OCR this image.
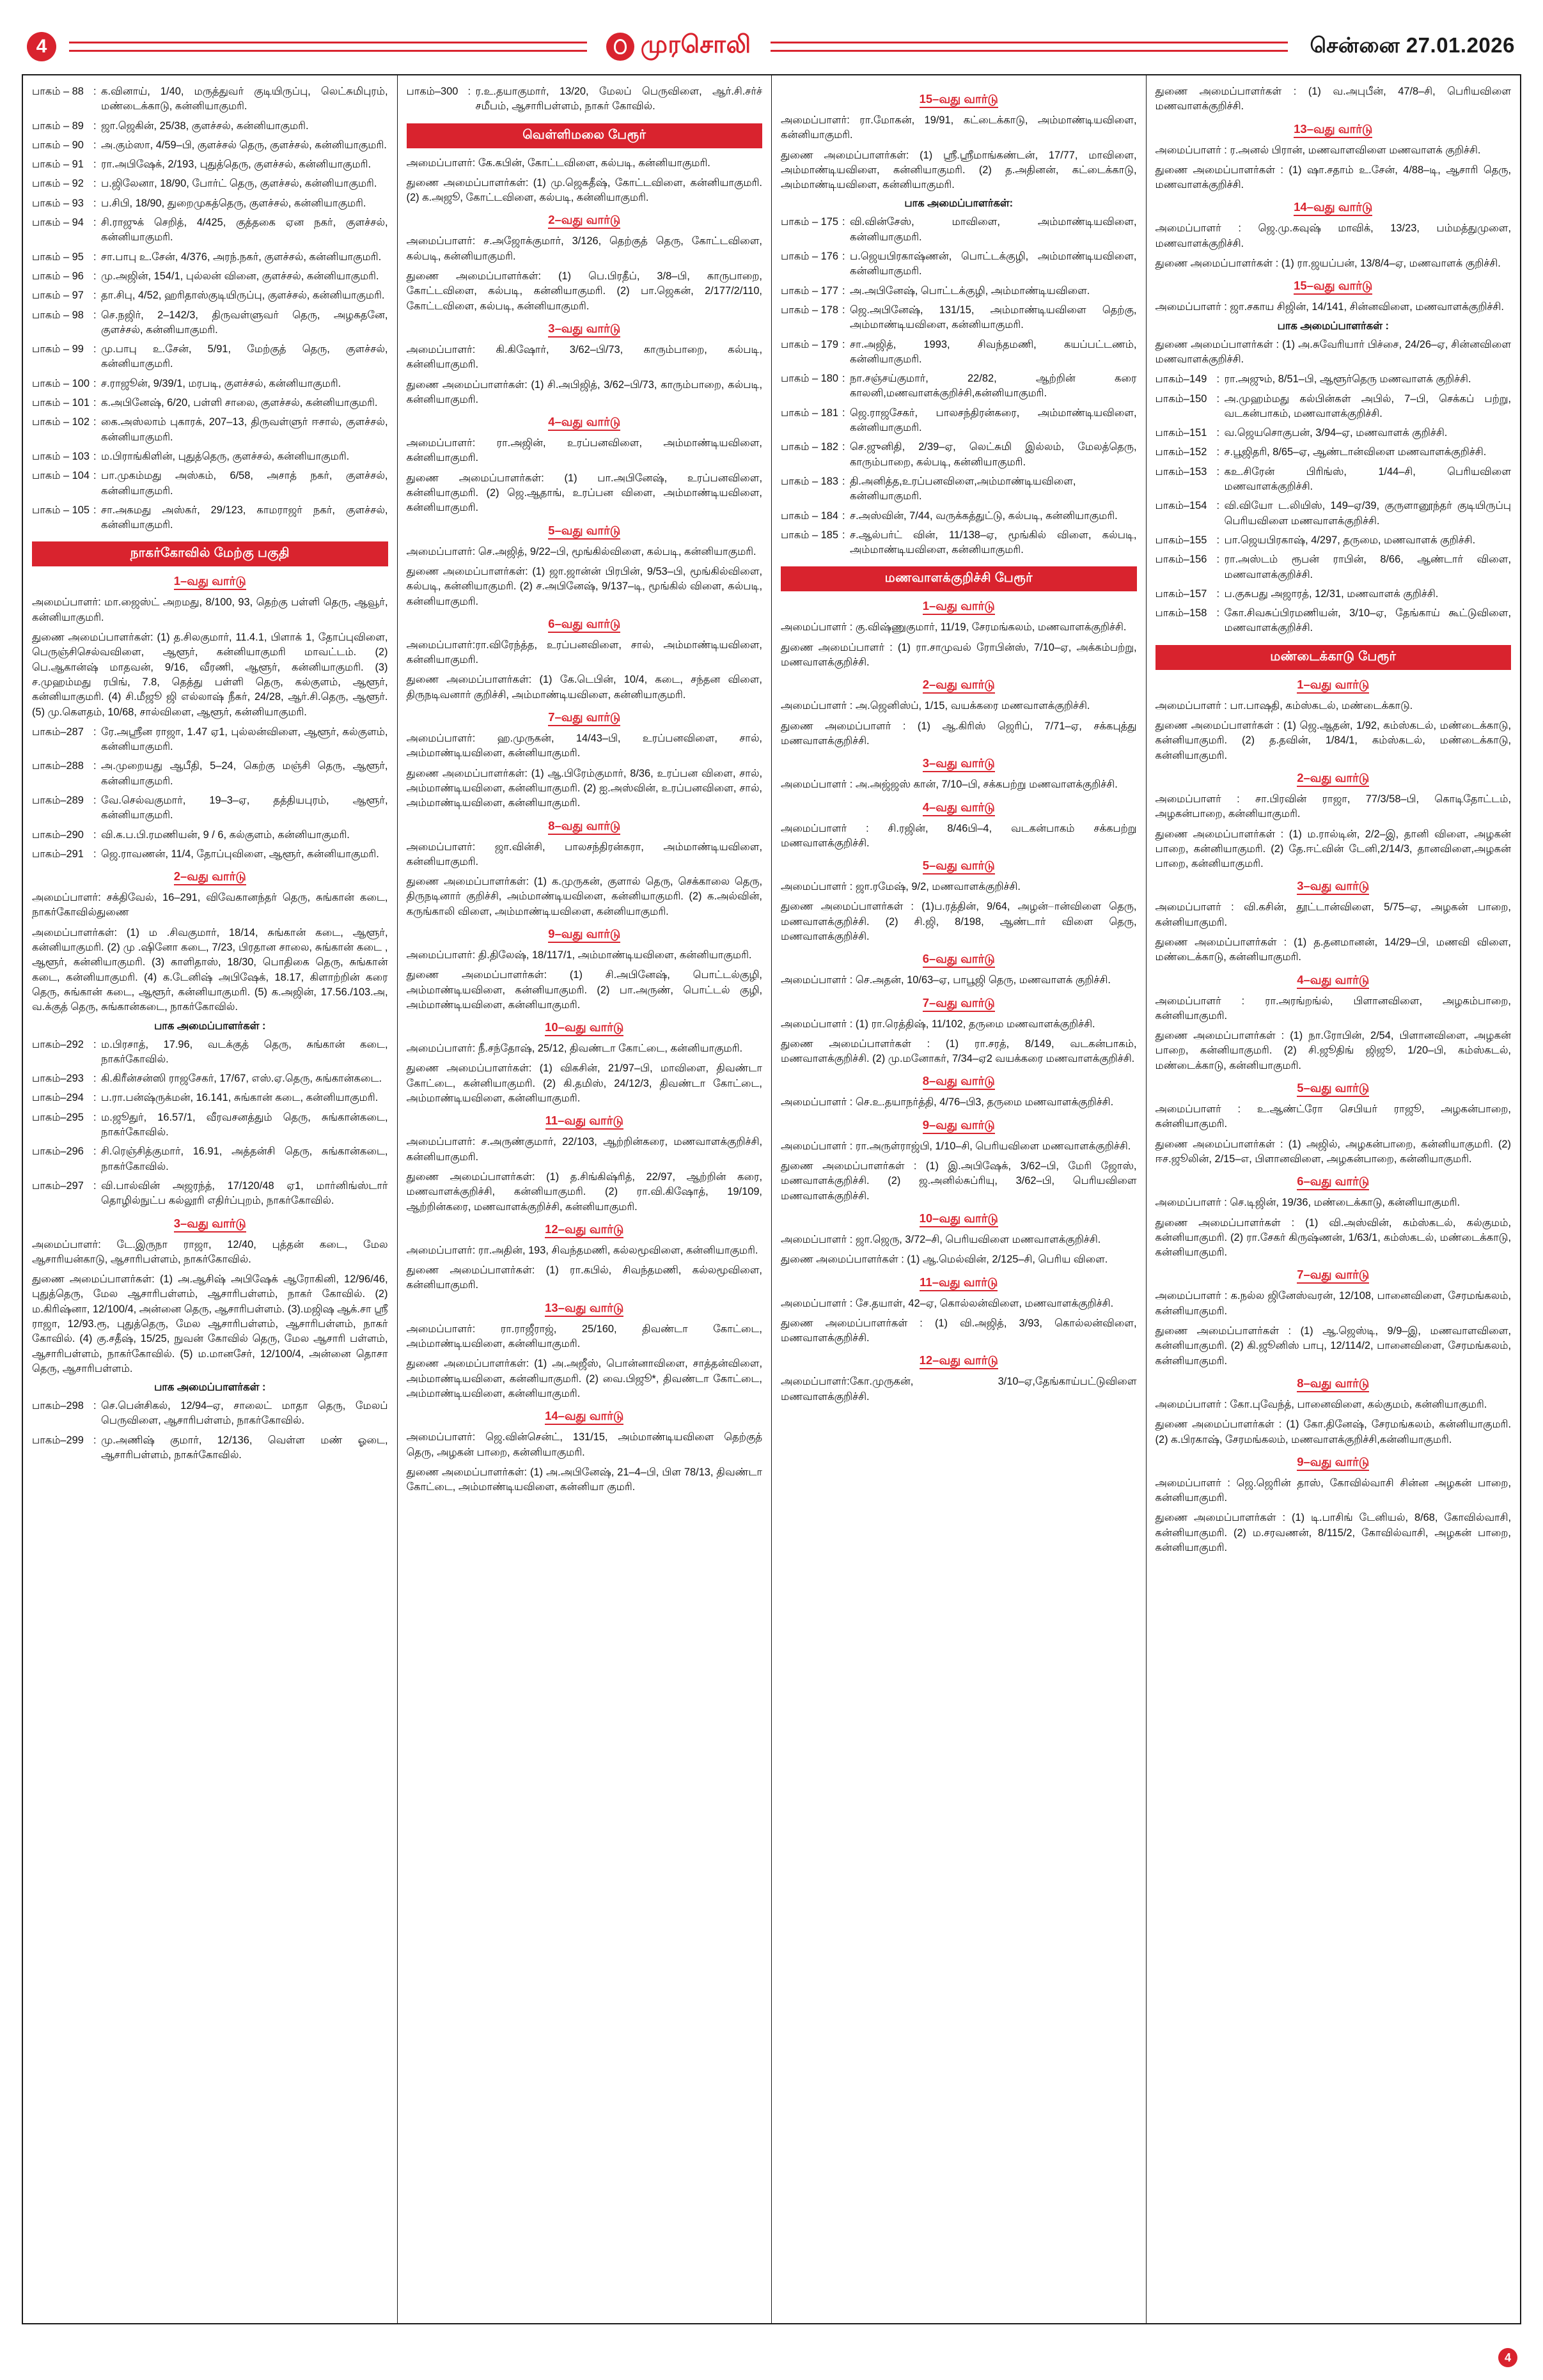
4	முரசொலி	சென்னை 27.01.2026
பாகம் – 88 : க.வினாய், 1/40, மருத்துவர் குடியிருப்பு, லெட்சுமிபுரம், மண்டைக்காடு, கன்னியாகுமரி.
பாகம் – 89 : ஜா.ஜெகின், 25/38, குளச்சல், கன்னியாகுமரி.
பாகம் – 90 : அ.கும்ஸா, 4/59–பி, குளச்சல் தெரு, குளச்சல், கன்னியாகுமரி.
பாகம் – 91 : ரா.அபிஷேக், 2/193, புதுத்தெரு, குளச்சல், கன்னியாகுமரி.
பாகம் – 92 : ப.ஜிலேனா, 18/90, போர்ட் தெரு, குளச்சல், கன்னியாகுமரி.
பாகம் – 93 : ப.சிபி, 18/90, துறைமுகத்தெரு, குளச்சல், கன்னியாகுமரி.
பாகம் – 94 : சி.ராஜுக் செறித், 4/425, குத்தகை ஏன நகர், குளச்சல், கன்னியாகுமரி.
பாகம் – 95 : சா.பாபு உ.சேன், 4/376, அரந்.நகர், குளச்சல், கன்னியாகுமரி.
பாகம் – 96 : மு.அஜின், 154/1, புல்லன் வினை, குளச்சல், கன்னியாகுமரி.
பாகம் – 97 : தா.சிபு, 4/52, ஹரிதாஸ்குடியிருப்பு, குளச்சல், கன்னியாகுமரி.
பாகம் – 98 : செ.நஜிர், 2–142/3, திருவள்ளுவர் தெரு, அழகதனே, குளச்சல், கன்னியாகுமரி.
பாகம் – 99 : மு.பாபு உ.சேன், 5/91, மேற்குத் தெரு, குளச்சல், கன்னியாகுமரி.
பாகம் – 100 : ச.ராஜூன், 9/39/1, மரபடி, குளச்சல், கன்னியாகுமரி.
பாகம் – 101 : க.அபினேஷ், 6/20, பள்ளி சாலை, குளச்சல், கன்னியாகுமரி.
பாகம் – 102 : கை.அஸ்லாம் புகாரக், 207–13, திருவள்ளுர் ஈசால், குளச்சல், கன்னியாகுமரி.
பாகம் – 103 : ம.பிராங்கிளின், புதுத்தெரு, குளச்சல், கன்னியாகுமரி.
பாகம் – 104 : பா.முகம்மது அஸ்கம், 6/58, அசாத் நகர், குளச்சல், கன்னியாகுமரி.
பாகம் – 105 : சா.அகமது அஸ்கர், 29/123, காமராஜர் நகர், குளச்சல், கன்னியாகுமரி.
நாகர்கோவில் மேற்கு பகுதி
1–வது வார்டு
அமைப்பாளர்: மா.ஜைஸ்ட் அறமது, 8/100, 93, தெற்கு பள்ளி தெரு, ஆவூர், கன்னியாகுமரி.
துணை அமைப்பாளர்கள்: (1) த.சிலகுமார், 11.4.1, பிளாக் 1, தோப்புவிளை, பெருஞ்சிசெல்வவிளை, ஆளூர், கன்னியாகுமரி மாவட்டம். (2) பெ.ஆகான்ஷ் மாதவன், 9/16, வீரணி, ஆளூர், கன்னியாகுமரி. (3) ச.முஹம்மது ரபிங், 7.8, தெத்து பள்ளி தெரு, கல்குளம், ஆளூர், கன்னியாகுமரி. (4) சி.மீஜூ ஜி எல்லாஷ் நீகர், 24/28, ஆர்.சி.தெரு, ஆளூர். (5) மு.கௌதம், 10/68, சால்விளை, ஆளூர், கன்னியாகுமரி.
பாகம்–287 : ரே.அஸ்ரீன ராஜா, 1.47 ஏ1, புல்லன்விளை, ஆளூர், கல்குளம், கன்னியாகுமரி.
பாகம்–288 : அ.முறையது ஆபீதி, 5–24, கெற்கு மஞ்சி தெரு, ஆளூர், கன்னியாகுமரி.
பாகம்–289 : வே.செல்வகுமார், 19–3–ஏ, தத்தியபுரம், ஆளூர், கன்னியாகுமரி.
பாகம்–290 : வி.க.ப.பி.ரமணியன், 9 / 6, கல்குளம், கன்னியாகுமரி.
பாகம்–291 : ஜெ.ராவணன், 11/4, தோப்புவிளை, ஆளூர், கன்னியாகுமரி.
2–வது வார்டு
அமைப்பாளர்: சக்திவேல், 16–291, விவேகானந்தர் தெரு, சுங்கான் கடை, நாகர்கோவில்துணை
அமைப்பாளர்கள்: (1) ம .சிவகுமார், 18/14, சுங்கான் கடை, ஆளூர், கன்னியாகுமரி. (2) மு .ஷினோ கடை, 7/23, பிரதான சாலை, சுங்கான் கடை , ஆளூர், கன்னியாகுமரி. (3) காளிதாஸ், 18/30, பொதிகை தெரு, சுங்கான் கடை, கன்னியாகுமரி. (4) க.டேனிஷ் அபிஷேக், 18.17, கிளாற்றின் கரை தெரு, சுங்கான் கடை, ஆளூர், கன்னியாகுமரி. (5) க.அஜின், 17.56./103.அ, வ.க்குத் தெரு, சுங்கான்கடை, நாகர்கோவில்.
பாக அமைப்பாளர்கள் :
பாகம்–292 : ம.பிரசாத், 17.96, வடக்குத் தெரு, சுங்கான் கடை, நாகர்கோவில்.
பாகம்–293 : கி.கிரீன்சன்ஸி ராஜசேகர், 17/67, எஸ்.ஏ.தெரு, சுங்கான்கடை.
பாகம்–294 : ப.ரா.பன்ஷ்ருக்மன், 16.141, சுங்கான் கடை, கன்னியாகுமரி.
பாகம்–295 : ம.ஜூதுர், 16.57/1, வீரவசனத்தும் தெரு, சுங்கான்கடை, நாகர்கோவில்.
பாகம்–296 : சி.ரெஞ்சித்குமார், 16.91, அத்தன்சி தெரு, சுங்கான்கடை, நாகர்கோவில்.
பாகம்–297 : வி.பால்வின் அஜரந்த், 17/120/48 ஏ1, மார்னிங்ஸ்டார் தொழில்நுட்ப கல்லூரி எதிர்ப்புறம், நாகர்கோவில்.
3–வது வார்டு
அமைப்பாளர்: டே.இருநா ராஜா, 12/40, புத்தன் கடை, மேல ஆசாரியன்காடு, ஆசாரிபள்ளம், நாகர்கோவில்.
துணை அமைப்பாளர்கள்: (1) அ.ஆசிஷ் அபிஷேக் ஆரோகினி, 12/96/46, புதுத்தெரு, மேல ஆசாரிபள்ளம், ஆசாரிபள்ளம், நாகர் கோவில். (2) ம.கிரிஷ்னா, 12/100/4, அன்னை தெரு, ஆசாரிபள்ளம். (3).மஜிஷ ஆக்.சா ஸ்ரீ ராஜா, 12/93.ரூ, புதுத்தெரு, மேல ஆசாரிபள்ளம், ஆசாரிபள்ளம், நாகர் கோவில். (4) கு.சதீஷ், 15/25, நுவன் கோவில் தெரு, மேல ஆசாரி பள்ளம், ஆசாரிபள்ளம், நாகர்கோவில். (5) ம.மானசேர், 12/100/4, அன்னை தொசா தெரு, ஆசாரிபள்ளம்.
பாக அமைப்பாளர்கள் :
பாகம்–298 : செ.பென்சிகல், 12/94–ஏ, சாலைட் மாதா தெரு, மேலப் பெருவிளை, ஆசாரிபள்ளம், நாகர்கோவில்.
பாகம்–299 : மு.அணிஷ் குமார், 12/136, வெள்ள மண் ஓடை, ஆசாரிபள்ளம், நாகர்கோவில்.
பாகம்–300 : ர.உ.தயாகுமார், 13/20, மேலப் பெருவிளை, ஆர்.சி.சர்ச் சமீபம், ஆசாரிபள்ளம், நாகர் கோவில்.
வெள்ளிமலை பேரூர்
அமைப்பாளர்: கே.கபின், கோட்டவிளை, கல்படி, கன்னியாகுமரி.
துணை அமைப்பாளர்கள்: (1) மு.ஜெகதீஷ், கோட்டவிளை, கன்னியாகுமரி. (2) க.அஜூ, கோட்டவிளை, கல்படி, கன்னியாகுமரி.
2–வது வார்டு
அமைப்பாளர்: ச.அஜோக்குமார், 3/126, தெற்குத் தெரு, கோட்டவிளை, கல்படி, கன்னியாகுமரி.
துணை அமைப்பாளர்கள்: (1) பெ.பிரதீப், 3/8–பி, காருபாறை, கோட்டவிளை, கல்படி, கன்னியாகுமரி. (2) பா.ஜெகன், 2/177/2/110, கோட்டவிளை, கல்படி, கன்னியாகுமரி.
3–வது வார்டு
அமைப்பாளர்: கி.கிஷோர், 3/62–பி/73, காரும்பாறை, கல்படி, கன்னியாகுமரி.
துணை அமைப்பாளர்கள்: (1) சி.அபிஜித், 3/62–பி/73, காரும்பாறை, கல்படி, கன்னியாகுமரி.
4–வது வார்டு
அமைப்பாளர்: ரா.அஜின், உரப்பனவிளை, அம்மாண்டியவிளை, கன்னியாகுமரி.
துணை அமைப்பாளர்கள்: (1) பா.அபினேஷ், உரப்பனவிளை, கன்னியாகுமரி. (2) ஜெ.ஆதாங், உரப்பன விளை, அம்மாண்டியவிளை, கன்னியாகுமரி.
5–வது வார்டு
அமைப்பாளர்: செ.அஜித், 9/22–பி, மூங்கில்விளை, கல்படி, கன்னியாகுமரி.
துணை அமைப்பாளர்கள்: (1) ஜா.ஜான்ன் பிரபின், 9/53–பி, மூங்கில்விளை, கல்படி, கன்னியாகுமரி. (2) ச.அபினேஷ், 9/137–டி, மூங்கில் விளை, கல்படி, கன்னியாகுமரி.
6–வது வார்டு
அமைப்பாளர்:ரா.விரேந்த்த, உரப்பனவிளை, சால், அம்மாண்டியவிளை, கன்னியாகுமரி.
துணை அமைப்பாளர்கள்: (1) கே.டெபின், 10/4, கடை, சந்தன விளை, திருநடிவனார் குறிச்சி, அம்மாண்டியவிளை, கன்னியாகுமரி.
7–வது வார்டு
அமைப்பாளர்: ஹ.முருகன், 14/43–பி, உரப்பனவிளை, சால், அம்மாண்டியவிளை, கன்னியாகுமரி.
துணை அமைப்பாளர்கள்: (1) ஆ.பிரேம்குமார், 8/36, உரப்பன விளை, சால், அம்மாண்டியவிளை, கன்னியாகுமரி. (2) ஐ.அஸ்வின், உரப்பனவிளை, சால், அம்மாண்டியவிளை, கன்னியாகுமரி.
8–வது வார்டு
அமைப்பாளர்: ஜா.வின்சி, பாலசந்திரன்கரா, அம்மாண்டியவிளை, கன்னியாகுமரி.
துணை அமைப்பாளர்கள்: (1) க.முருகன், குளால் தெரு, செக்காலை தெரு, திருநடினார் குறிச்சி, அம்மாண்டியவிளை, கன்னியாகுமரி. (2) க.அல்வின், கருங்காலி விளை, அம்மாண்டியவிளை, கன்னியாகுமரி.
9–வது வார்டு
அமைப்பாளர்: தி.திலேஷ், 18/117/1, அம்மாண்டியவிளை, கன்னியாகுமரி.
துணை அமைப்பாளர்கள்: (1) சி.அபினேஷ், பொட்டல்குழி, அம்மாண்டியவிளை, கன்னியாகுமரி. (2) பா.அருண், பொட்டல் குழி, அம்மாண்டியவிளை, கன்னியாகுமரி.
10–வது வார்டு
அமைப்பாளர்: நீ.சந்தோஷ், 25/12, திவண்டா கோட்டை, கன்னியாகுமரி.
துணை அமைப்பாளர்கள்: (1) விகசின், 21/97–பி, மாவிளை, திவண்டா கோட்டை, கன்னியாகுமரி. (2) கி.தமிஸ், 24/12/3, திவண்டா கோட்டை, அம்மாண்டியவிளை, கன்னியாகுமரி.
11–வது வார்டு
அமைப்பாளர்: ச.அருண்குமார், 22/103, ஆற்றின்கரை, மணவாளக்குறிச்சி, கன்னியாகுமரி.
துணை அமைப்பாளர்கள்: (1) த.சிங்கிஷ்ரித், 22/97, ஆற்றின் கரை, மணவாளக்குறிச்சி, கன்னியாகுமரி. (2) ரா.வி.கிஷோத், 19/109, ஆற்றின்கரை, மணவாளக்குறிச்சி, கன்னியாகுமரி.
12–வது வார்டு
அமைப்பாளர்: ரா.அதின், 193, சிவந்தமணி, கல்லமூவிளை, கன்னியாகுமரி.
துணை அமைப்பாளர்கள்: (1) ரா.கபில், சிவந்தமணி, கல்லமூவிளை, கன்னியாகுமரி.
13–வது வார்டு
அமைப்பாளர்: ரா.ராஜீராஜ், 25/160, திவண்டா கோட்டை, அம்மாண்டியவிளை, கன்னியாகுமரி.
துணை அமைப்பாளர்கள்: (1) அ.அஜீஸ், பொன்னாவிளை, சாத்தன்விளை, அம்மாண்டியவிளை, கன்னியாகுமரி. (2) வை.பிஜூ*, திவண்டா கோட்டை, அம்மாண்டியவிளை, கன்னியாகுமரி.
14–வது வார்டு
அமைப்பாளர்: ஜெ.வின்சென்ட், 131/15, அம்மாண்டியவிளை தெற்குத் தெரு, அழகன் பாறை, கன்னியாகுமரி.
துணை அமைப்பாளர்கள்: (1) அ.அபினேஷ், 21–4–பி, பிள 78/13, திவண்டா கோட்டை, அம்மாண்டியவிளை, கன்னியா குமரி.
15–வது வார்டு
அமைப்பாளர்: ரா.மோகன், 19/91, கட்டைக்காடு, அம்மாண்டியவிளை, கன்னியாகுமரி.
துணை அமைப்பாளர்கள்: (1) ஸ்ரீ.ஸ்ரீமாங்கண்டன், 17/77, மாவிளை, அம்மாண்டியவிளை, கன்னியாகுமரி. (2) த.அதினன், கட்டைக்காடு, அம்மாண்டியவிளை, கன்னியாகுமரி.
பாக அமைப்பாளர்கள்:
பாகம் – 175 : வி.வின்சேஸ், மாவிளை, அம்மாண்டியவிளை, கன்னியாகுமரி.
பாகம் – 176 : ப.ஜெயபிரகாஷ்ணன், பொட்டக்குழி, அம்மாண்டியவிளை, கன்னியாகுமரி.
பாகம் – 177 : அ.அபினேஷ், பொட்டக்குழி, அம்மாண்டியவிளை.
பாகம் – 178 : ஜெ.அபினேஷ், 131/15, அம்மாண்டியவிளை தெற்கு, அம்மாண்டியவிளை, கன்னியாகுமரி.
பாகம் – 179 : சா.அஜித், 1993, சிவந்தமணி, கயப்பட்டணம், கன்னியாகுமரி.
பாகம் – 180 : நா.சஞ்சய்குமார், 22/82, ஆற்றின் கரை காலனி,மணவாளக்குறிச்சி,கன்னியாகுமரி.
பாகம் – 181 : ஜெ.ராஜசேகர், பாலசந்திரன்கரை, அம்மாண்டியவிளை, கன்னியாகுமரி.
பாகம் – 182 : செ.ஜுனிதி, 2/39–ஏ, லெட்சுமி இல்லம், மேலத்தெரு, காரும்பாறை, கல்படி, கன்னியாகுமரி.
பாகம் – 183 : தி.அனித்த,உரப்பனவிளை,அம்மாண்டியவிளை, கன்னியாகுமரி.
பாகம் – 184 : ச.அஸ்வின், 7/44, வருக்கத்துட்டு, கல்படி, கன்னியாகுமரி.
பாகம் – 185 : ச.ஆல்பர்ட் வின், 11/138–ஏ, மூங்கில் விளை, கல்படி, அம்மாண்டியவிளை, கன்னியாகுமரி.
மணவாளக்குறிச்சி பேரூர்
1–வது வார்டு
அமைப்பாளர் : கு.விஷ்ணுகுமார், 11/19, சேரமங்கலம், மணவாளக்குறிச்சி.
துணை அமைப்பாளர் : (1) ரா.சாமுவல் ரோபின்ஸ், 7/10–ஏ, அக்கம்பற்று, மணவாளக்குறிச்சி.
2–வது வார்டு
அமைப்பாளர் : அ.ஜெனிஸ்ப், 1/15, வயக்கரை மணவாளக்குறிச்சி.
துணை அமைப்பாளர் : (1) ஆ.கிரிஸ் ஜெரிப், 7/71–ஏ, சக்கபுத்து மணவாளக்குறிச்சி.
3–வது வார்டு
அமைப்பாளர் : அ.அஜ்ஜஸ் கான், 7/10–பி, சக்கபற்று மணவாளக்குறிச்சி.
4–வது வார்டு
அமைப்பாளர் : சி.ரஜின், 8/46பி–4, வடகன்பாகம் சக்கபற்று மணவாளக்குறிச்சி.
5–வது வார்டு
அமைப்பாளர் : ஜா.ரமேஷ், 9/2, மணவாளக்குறிச்சி.
துணை அமைப்பாளர்கள் : (1)ப.ரத்தின், 9/64, அழன்–ான்விளை தெரு, மணவாளக்குறிச்சி. (2) சி.ஜி, 8/198, ஆண்டார் விளை தெரு, மணவாளக்குறிச்சி.
6–வது வார்டு
அமைப்பாளர் : செ.அதன், 10/63–ஏ, பாபூஜி தெரு, மணவாளக் குறிச்சி.
7–வது வார்டு
அமைப்பாளர் : (1) ரா.ரெத்திஷ், 11/102, தருமை மணவாளக்குறிச்சி.
துணை அமைப்பாளர்கள் : (1) ரா.சரத், 8/149, வடகன்பாகம், மணவாளக்குறிச்சி. (2) மு.மனோகர், 7/34–ஏ2 வயக்கரை மணவாளக்குறிச்சி.
8–வது வார்டு
அமைப்பாளர் : செ.உ.தயாநர்த்தி, 4/76–பி3, தருமை மணவாளக்குறிச்சி.
9–வது வார்டு
அமைப்பாளர் : ரா.அருள்ராஜ்பி, 1/10–சி, பெரியவிளை மணவாளக்குறிச்சி.
துணை அமைப்பாளர்கள் : (1) இ.அபிஷேக், 3/62–பி, மேரி ஜோஸ், மணவாளக்குறிச்சி. (2) ஜ.அனில்சுப்ரியு, 3/62–பி, பெரியவிளை மணவாளக்குறிச்சி.
10–வது வார்டு
அமைப்பாளர் : ஜா.ஜெரு, 3/72–சி, பெரியவிளை மணவாளக்குறிச்சி.
துணை அமைப்பாளர்கள் : (1) ஆ.மெல்வின், 2/125–சி, பெரிய விளை.
11–வது வார்டு
அமைப்பாளர் : சே.தயாள், 42–ஏ, கொல்லன்விளை, மணவாளக்குறிச்சி.
துணை அமைப்பாளர்கள் : (1) வி.அஜித், 3/93, கொல்லன்விளை, மணவாளக்குறிச்சி.
12–வது வார்டு
அமைப்பாளர்:கோ.முருகன், 3/10–ஏ,தேங்காய்பட்டுவிளை மணவாளக்குறிச்சி.
துணை அமைப்பாளர்கள் : (1) வ.அபுபீன், 47/8–சி, பெரியவிளை மணவாளக்குறிச்சி.
13–வது வார்டு
அமைப்பாளர் : ர.அனல் பிரான், மணவாளவிளை மணவாளக் குறிச்சி.
துணை அமைப்பாளர்கள் : (1) ஷா.சதாம் உ.சேன், 4/88–டி, ஆசாரி தெரு, மணவாளக்குறிச்சி.
14–வது வார்டு
அமைப்பாளர் : ஜெ.மு.கவுஷ் மாவிக், 13/23, பம்மத்துமுளை, மணவாளக்குறிச்சி.
துணை அமைப்பாளர்கள் : (1) ரா.ஜயப்பன், 13/8/4–ஏ, மணவாளக் குறிச்சி.
15–வது வார்டு
அமைப்பாளர் : ஜா.சகாய சிஜின், 14/141, சின்னவிளை, மணவாளக்குறிச்சி.
பாக அமைப்பாளர்கள் :
துணை அமைப்பாளர்கள் : (1) அ.சுவேரியார் பிச்சை, 24/26–ஏ, சின்னவிளை மணவாளக்குறிச்சி.
பாகம்–149 : ரா.அஜும், 8/51–பி, ஆளூர்தெரு மணவாளக் குறிச்சி.
பாகம்–150 : அ.முஹம்மது கல்பின்கள் அபில், 7–பி, செக்கப் பற்று, வடகன்பாகம், மணவாளக்குறிச்சி.
பாகம்–151 : வ.ஜெயசொகுபன், 3/94–ஏ, மணவாளக் குறிச்சி.
பாகம்–152 : ச.பூஜிதரி, 8/65–ஏ, ஆண்டான்விளை மணவாளக்குறிச்சி.
பாகம்–153 : கஉ.சிரேன் பிரிங்ஸ், 1/44–சி, பெரியவிளை மணவாளக்குறிச்சி.
பாகம்–154 : வி.வியோ ட.லியிஸ், 149–ஏ/39, குருளானூந்தர் குடியிருப்பு பெரியவிளை மணவாளக்குறிச்சி.
பாகம்–155 : பா.ஜெயபிரகாஷ், 4/297, தருமை, மணவாளக் குறிச்சி.
பாகம்–156 : ரா.அஸ்டம் ரூபன் ராபின், 8/66, ஆண்டார் விளை, மணவாளக்குறிச்சி.
பாகம்–157 : ப.குசுபது அஜாரத், 12/31, மணவாளக் குறிச்சி.
பாகம்–158 : கோ.சிவசுப்பிரமணியன், 3/10–ஏ, தேங்காய் கூட்டுவிளை, மணவாளக்குறிச்சி.
மண்டைக்காடு பேரூர்
1–வது வார்டு
அமைப்பாளர் : பா.பாஷதி, கம்ஸ்கடல், மண்டைக்காடு.
துணை அமைப்பாளர்கள் : (1) ஜெ.ஆதன், 1/92, கம்ஸ்கடல், மண்டைக்காடு, கன்னியாகுமரி. (2) த.தவின், 1/84/1, கம்ஸ்கடல், மண்டைக்காடு, கன்னியாகுமரி.
2–வது வார்டு
அமைப்பாளர் : சா.பிரவின் ராஜா, 77/3/58–பி, கொடிதோட்டம், அழகன்பாறை, கன்னியாகுமரி.
துணை அமைப்பாளர்கள் : (1) ம.ரால்டின், 2/2–இ, தானி விளை, அழகன் பாறை, கன்னியாகுமரி. (2) தே.ஈட்வின் டேனி,2/14/3, தானவிளை,அழகன் பாறை, கன்னியாகுமரி.
3–வது வார்டு
அமைப்பாளர் : வி.கசின், தூட்டான்விளை, 5/75–ஏ, அழகன் பாறை, கன்னியாகுமரி.
துணை அமைப்பாளர்கள் : (1) த.தனமானன், 14/29–பி, மணவி விளை, மண்டைக்காடு, கன்னியாகுமரி.
4–வது வார்டு
அமைப்பாளர் : ரா.அரங்றங்ல், பிளானவிளை, அழகம்பாறை, கன்னியாகுமரி.
துணை அமைப்பாளர்கள் : (1) நா.ரோபின், 2/54, பிளானவிளை, அழகன் பாறை, கன்னியாகுமரி. (2) சி.ஜூதிங் ஜிஜூ, 1/20–பி, கம்ஸ்கடல், மண்டைக்காடு, கன்னியாகுமரி.
5–வது வார்டு
அமைப்பாளர் : உ.ஆண்ட்ரோ செபியர் ராஜூ, அழகன்பாறை, கன்னியாகுமரி.
துணை அமைப்பாளர்கள் : (1) அஜில், அழகன்பாறை, கன்னியாகுமரி. (2) ஈச.ஜூலின், 2/15–எ, பிளானவிளை, அழகன்பாறை, கன்னியாகுமரி.
6–வது வார்டு
அமைப்பாளர் : செ.டிஜின், 19/36, மண்டைக்காடு, கன்னியாகுமரி.
துணை அமைப்பாளர்கள் : (1) வி.அஸ்வின், கம்ஸ்கடல், கல்குமம், கன்னியாகுமரி. (2) ரா.சேகர் கிருஷ்ணன், 1/63/1, கம்ஸ்கடல், மண்டைக்காடு, கன்னியாகுமரி.
7–வது வார்டு
அமைப்பாளர் : க.நல்ல ஜினேஸ்வரன், 12/108, பானைவிளை, சேரமங்கலம், கன்னியாகுமரி.
துணை அமைப்பாளர்கள் : (1) ஆ.ஜெஸ்டி, 9/9–இ, மணவாளவிளை, கன்னியாகுமரி. (2) கி.ஜூனிஸ் பாபு, 12/114/2, பானைவிளை, சேரமங்கலம், கன்னியாகுமரி.
8–வது வார்டு
அமைப்பாளர் : கோ.புவேந்த், பானைவிளை, கல்குமம், கன்னியாகுமரி.
துணை அமைப்பாளர்கள் : (1) கோ.தினேஷ், சேரமங்கலம், கன்னியாகுமரி. (2) க.பிரகாஷ், சேரமங்கலம், மணவாளக்குறிச்சி,கன்னியாகுமரி.
9–வது வார்டு
அமைப்பாளர் : ஜெ.ஜெரின் தாஸ், கோவில்வாசி சின்ன அழகன் பாறை, கன்னியாகுமரி.
துணை அமைப்பாளர்கள் : (1) டி.பாசிங் டேனியல், 8/68, கோவில்வாசி, கன்னியாகுமரி. (2) ம.சரவணன், 8/115/2, கோவில்வாசி, அழகன் பாறை, கன்னியாகுமரி.
4
